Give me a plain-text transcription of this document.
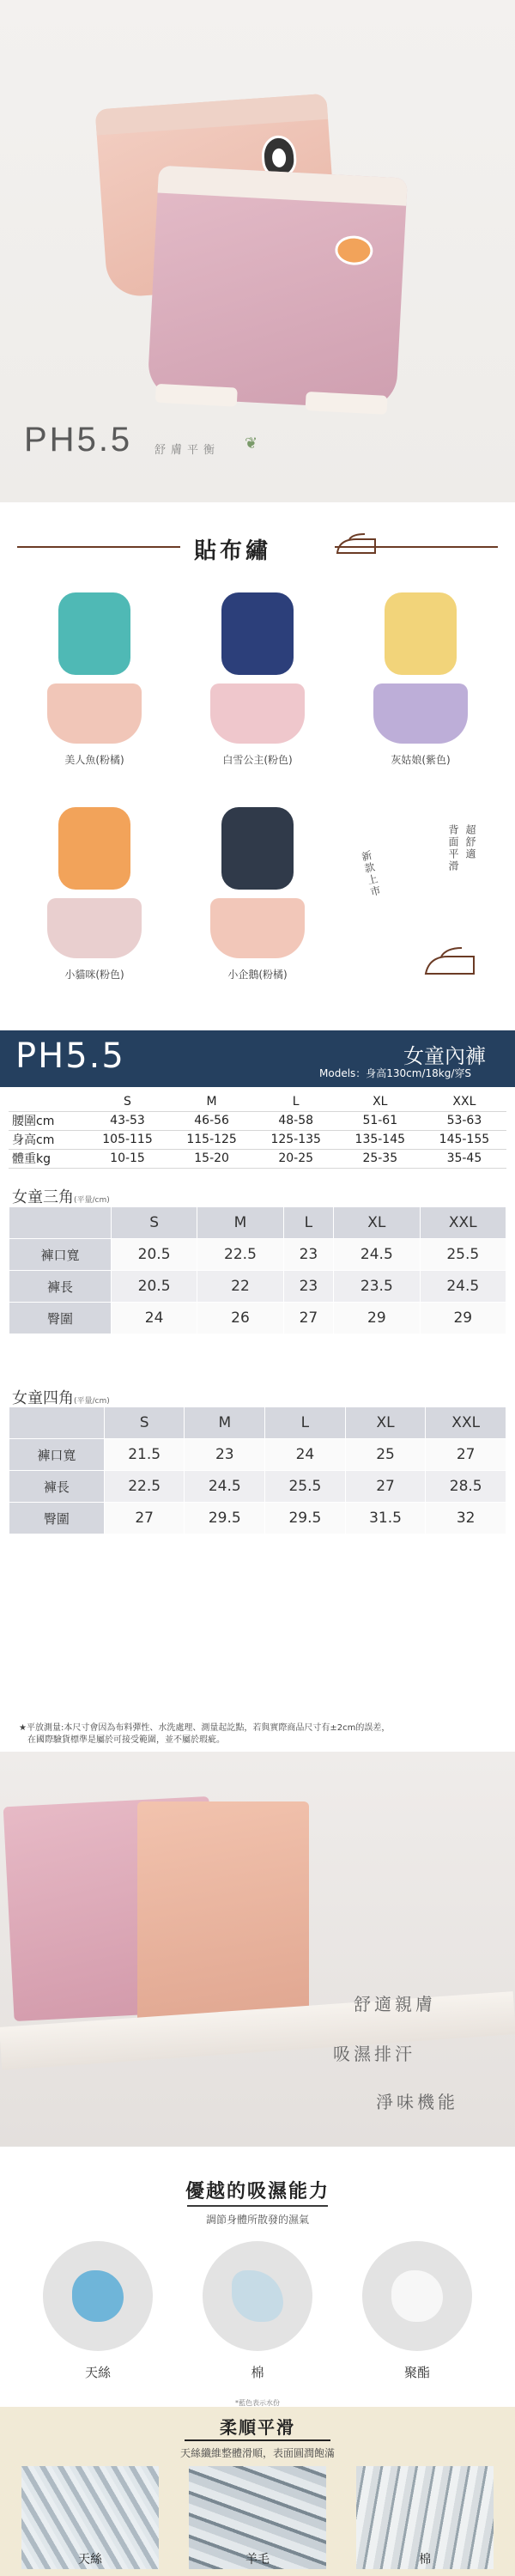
PH5.5 舒膚平衡 ❦
貼布繡
美人魚(粉橘)	白雪公主(粉色)	灰姑娘(紫色)
小貓咪(粉色)	小企鵝(粉橘)
新款上市
超舒適
背面平滑
PH5.5	女童內褲
Models：身高130cm/18kg/穿S
	S	M	L	XL	XXL
腰圍cm	43-53	46-56	48-58	51-61	53-63
身高cm	105-115	115-125	125-135	135-145	145-155
體重kg	10-15	15-20	20-25	25-35	35-45
女童三角(平量/cm)
	S	M	L	XL	XXL
褲口寬	20.5	22.5	23	24.5	25.5
褲長	20.5	22	23	23.5	24.5
臀圍	24	26	27	29	29
女童四角(平量/cm)
	S	M	L	XL	XXL
褲口寬	21.5	23	24	25	27
褲長	22.5	24.5	25.5	27	28.5
臀圍	27	29.5	29.5	31.5	32
★平放測量:本尺寸會因為布料彈性、水洗處理、測量起訖點，若與實際商品尺寸有±2cm的誤差，
在國際驗貨標準是屬於可接受範圍，並不屬於瑕疵。
舒適親膚
吸濕排汗
淨味機能
優越的吸濕能力
調節身體所散發的濕氣
天絲	棉	聚酯
*藍色表示水份
柔順平滑
天絲纖維整體滑順，表面圓潤飽滿
天絲	羊毛	棉
